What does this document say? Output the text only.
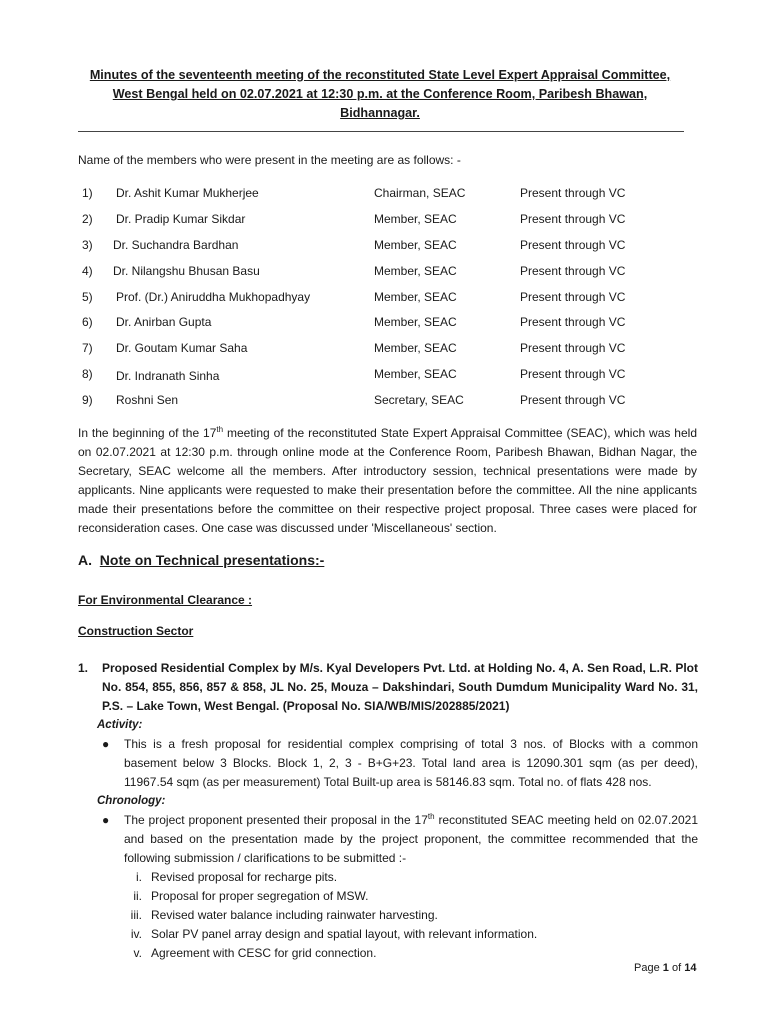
Minutes of the seventeenth meeting of the reconstituted State Level Expert Appraisal Committee, West Bengal held on 02.07.2021 at 12:30 p.m. at the Conference Room, Paribesh Bhawan, Bidhannagar.
Name of the members who were present in the meeting are as follows: -
1) Dr. Ashit Kumar Mukherjee	Chairman, SEAC	Present through VC
2) Dr. Pradip Kumar Sikdar	Member, SEAC	Present through VC
3) Dr. Suchandra Bardhan	Member, SEAC	Present through VC
4) Dr. Nilangshu Bhusan Basu	Member, SEAC	Present through VC
5) Prof. (Dr.) Aniruddha Mukhopadhyay	Member, SEAC	Present through VC
6) Dr. Anirban Gupta	Member, SEAC	Present through VC
7) Dr. Goutam Kumar Saha	Member, SEAC	Present through VC
8) Dr. Indranath Sinha	Member, SEAC	Present through VC
9) Roshni Sen	Secretary, SEAC	Present through VC
In the beginning of the 17th meeting of the reconstituted State Expert Appraisal Committee (SEAC), which was held on 02.07.2021 at 12:30 p.m. through online mode at the Conference Room, Paribesh Bhawan, Bidhan Nagar, the Secretary, SEAC welcome all the members. After introductory session, technical presentations were made by applicants. Nine applicants were requested to make their presentation before the committee. All the nine applicants made their presentations before the committee on their respective project proposal. Three cases were placed for reconsideration cases. One case was discussed under 'Miscellaneous' section.
A. Note on Technical presentations:-
For Environmental Clearance :
Construction Sector
1. Proposed Residential Complex by M/s. Kyal Developers Pvt. Ltd. at Holding No. 4, A. Sen Road, L.R. Plot No. 854, 855, 856, 857 & 858, JL No. 25, Mouza – Dakshindari, South Dumdum Municipality Ward No. 31, P.S. – Lake Town, West Bengal. (Proposal No. SIA/WB/MIS/202885/2021)
Activity:
● This is a fresh proposal for residential complex comprising of total 3 nos. of Blocks with a common basement below 3 Blocks. Block 1, 2, 3 - B+G+23. Total land area is 12090.301 sqm (as per deed), 11967.54 sqm (as per measurement) Total Built-up area is 58146.83 sqm. Total no. of flats 428 nos.
Chronology:
● The project proponent presented their proposal in the 17th reconstituted SEAC meeting held on 02.07.2021 and based on the presentation made by the project proponent, the committee recommended that the following submission / clarifications to be submitted :-
i. Revised proposal for recharge pits.
ii. Proposal for proper segregation of MSW.
iii. Revised water balance including rainwater harvesting.
iv. Solar PV panel array design and spatial layout, with relevant information.
v. Agreement with CESC for grid connection.
Page 1 of 14
